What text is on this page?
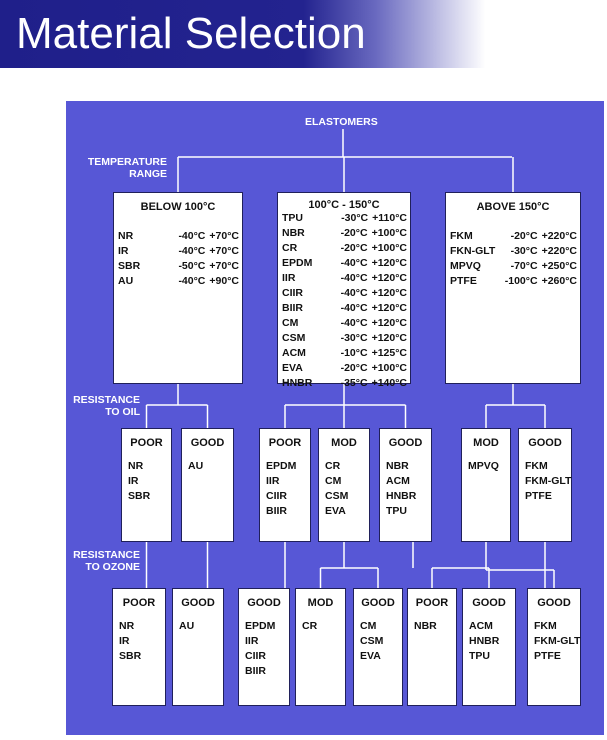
Material Selection
ELASTOMERS
TEMPERATURE
RANGE
RESISTANCE
TO OIL
RESISTANCE
TO OZONE
BELOW 100°C
NR	-40°C +70°C
IR	-40°C +70°C
SBR	-50°C +70°C
AU	-40°C +90°C
100°C - 150°C
TPU	-30°C +110°C
NBR	-20°C +100°C
CR	-20°C +100°C
EPDM	-40°C +120°C
IIR	-40°C +120°C
CIIR	-40°C +120°C
BIIR	-40°C +120°C
CM	-40°C +120°C
CSM	-30°C +120°C
ACM	-10°C +125°C
EVA	-20°C +100°C
HNBR	-35°C +140°C
ABOVE 150°C
FKM	-20°C +220°C
FKN-GLT	-30°C +220°C
MPVQ	-70°C +250°C
PTFE	-100°C +260°C
POOR
NR
IR
SBR
GOOD
AU
POOR
EPDM
IIR
CIIR
BIIR
MOD
CR
CM
CSM
EVA
GOOD
NBR
ACM
HNBR
TPU
MOD
MPVQ
GOOD
FKM
FKM-GLT
PTFE
POOR
NR
IR
SBR
GOOD
AU
GOOD
EPDM
IIR
CIIR
BIIR
MOD
CR
GOOD
CM
CSM
EVA
POOR
NBR
GOOD
ACM
HNBR
TPU
GOOD
FKM
FKM-GLT
PTFE
